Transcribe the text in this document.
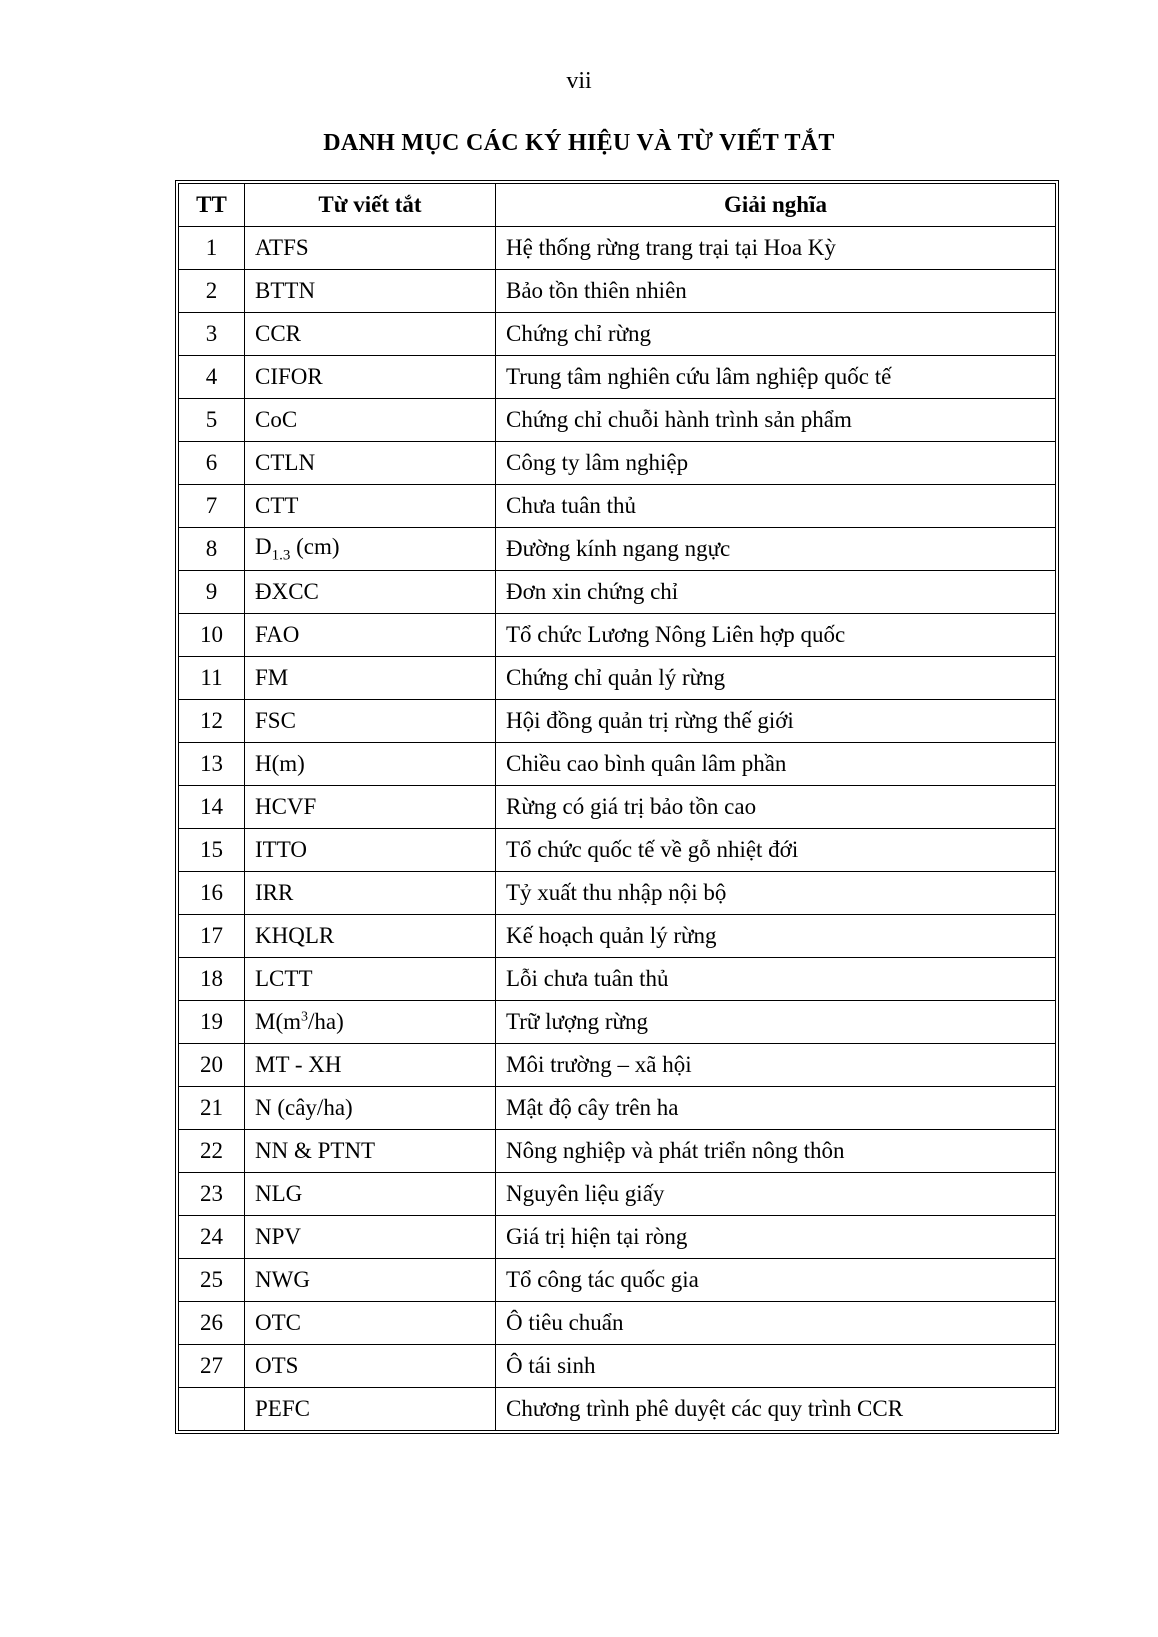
vii
DANH MỤC CÁC KÝ HIỆU VÀ TỪ VIẾT TẮT
TT	Từ viết tắt	Giải nghĩa
1	ATFS	Hệ thống rừng trang trại tại Hoa Kỳ
2	BTTN	Bảo tồn thiên nhiên
3	CCR	Chứng chỉ rừng
4	CIFOR	Trung tâm nghiên cứu lâm nghiệp quốc tế
5	CoC	Chứng chỉ chuỗi hành trình sản phẩm
6	CTLN	Công ty lâm nghiệp
7	CTT	Chưa tuân thủ
8	$D_{1.3}$ (cm)	Đường kính ngang ngực
9	ĐXCC	Đơn xin chứng chỉ
10	FAO	Tổ chức Lương Nông Liên hợp quốc
11	FM	Chứng chỉ quản lý rừng
12	FSC	Hội đồng quản trị rừng thế giới
13	H(m)	Chiều cao bình quân lâm phần
14	HCVF	Rừng có giá trị bảo tồn cao
15	ITTO	Tổ chức quốc tế về gỗ nhiệt đới
16	IRR	Tỷ xuất thu nhập nội bộ
17	KHQLR	Kế hoạch quản lý rừng
18	LCTT	Lỗi chưa tuân thủ
19	$M(m^3/ha)$	Trữ lượng rừng
20	MT - XH	Môi trường – xã hội
21	N (cây/ha)	Mật độ cây trên ha
22	NN & PTNT	Nông nghiệp và phát triển nông thôn
23	NLG	Nguyên liệu giấy
24	NPV	Giá trị hiện tại ròng
25	NWG	Tổ công tác quốc gia
26	OTC	Ô tiêu chuẩn
27	OTS	Ô tái sinh
	PEFC	Chương trình phê duyệt các quy trình CCR
